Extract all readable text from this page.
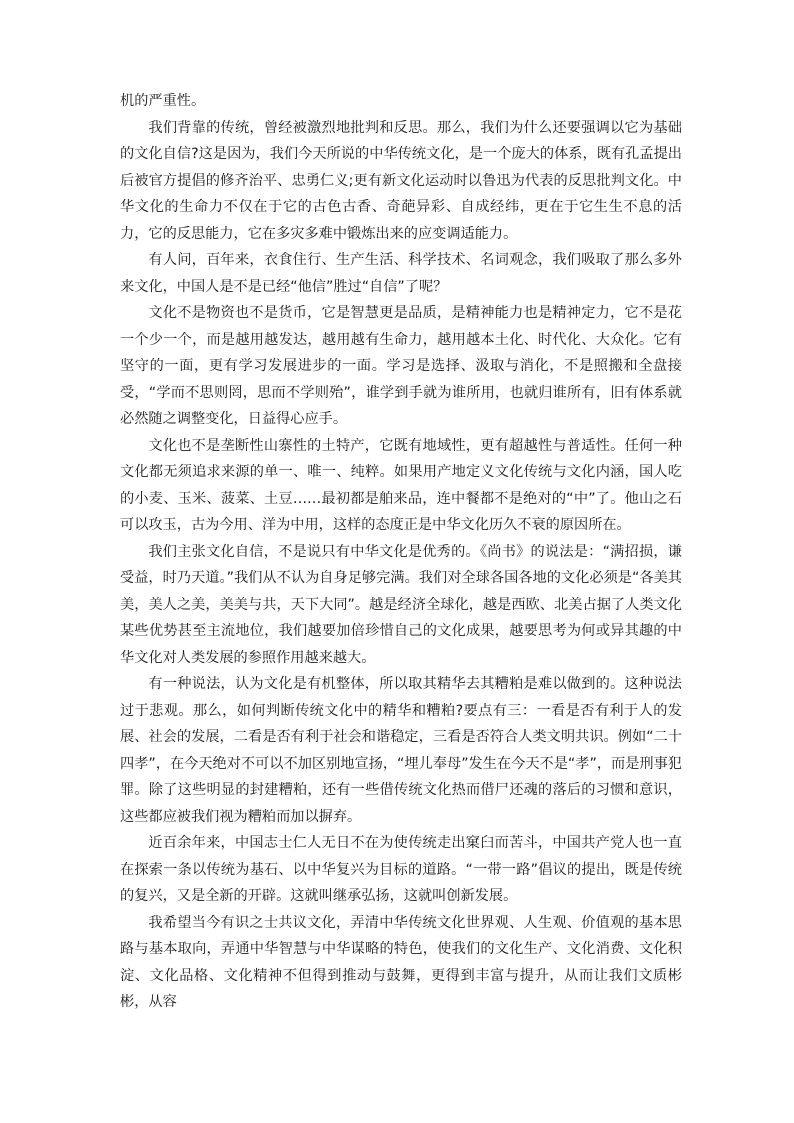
机的严重性。

我们背靠的传统，曾经被激烈地批判和反思。那么，我们为什么还要强调以它为基础的文化自信?这是因为，我们今天所说的中华传统文化，是一个庞大的体系，既有孔孟提出后被官方提倡的修齐治平、忠勇仁义;更有新文化运动时以鲁迅为代表的反思批判文化。中华文化的生命力不仅在于它的古色古香、奇葩异彩、自成经纬，更在于它生生不息的活力，它的反思能力，它在多灾多难中锻炼出来的应变调适能力。

有人问，百年来，衣食住行、生产生活、科学技术、名词观念，我们吸取了那么多外来文化，中国人是不是已经“他信”胜过“自信”了呢？

文化不是物资也不是货币，它是智慧更是品质，是精神能力也是精神定力，它不是花一个少一个，而是越用越发达，越用越有生命力，越用越本土化、时代化、大众化。它有坚守的一面，更有学习发展进步的一面。学习是选择、汲取与消化，不是照搬和全盘接受，“学而不思则罔，思而不学则殆”，谁学到手就为谁所用，也就归谁所有，旧有体系就必然随之调整变化，日益得心应手。

文化也不是垄断性山寨性的土特产，它既有地域性，更有超越性与普适性。任何一种文化都无须追求来源的单一、唯一、纯粹。如果用产地定义文化传统与文化内涵，国人吃的小麦、玉米、菠菜、土豆……最初都是舶来品，连中餐都不是绝对的“中”了。他山之石可以攻玉，古为今用、洋为中用，这样的态度正是中华文化历久不衰的原因所在。

我们主张文化自信，不是说只有中华文化是优秀的。《尚书》的说法是：“满招损，谦受益，时乃天道。”我们从不认为自身足够完满。我们对全球各国各地的文化必须是“各美其美，美人之美，美美与共，天下大同”。越是经济全球化，越是西欧、北美占据了人类文化某些优势甚至主流地位，我们越要加倍珍惜自己的文化成果，越要思考为何或异其趣的中华文化对人类发展的参照作用越来越大。

有一种说法，认为文化是有机整体，所以取其精华去其糟粕是难以做到的。这种说法过于悲观。那么，如何判断传统文化中的精华和糟粕?要点有三：一看是否有利于人的发展、社会的发展，二看是否有利于社会和谐稳定，三看是否符合人类文明共识。例如“二十四孝”，在今天绝对不可以不加区别地宣扬，“埋儿奉母”发生在今天不是“孝”，而是刑事犯罪。除了这些明显的封建糟粕，还有一些借传统文化热而借尸还魂的落后的习惯和意识，这些都应被我们视为糟粕而加以摒弃。

近百余年来，中国志士仁人无日不在为使传统走出窠臼而苦斗，中国共产党人也一直在探索一条以传统为基石、以中华复兴为目标的道路。“一带一路”倡议的提出，既是传统的复兴，又是全新的开辟。这就叫继承弘扬，这就叫创新发展。

我希望当今有识之士共议文化，弄清中华传统文化世界观、人生观、价值观的基本思路与基本取向，弄通中华智慧与中华谋略的特色，使我们的文化生产、文化消费、文化积淀、文化品格、文化精神不但得到推动与鼓舞，更得到丰富与提升，从而让我们文质彬彬，从容
